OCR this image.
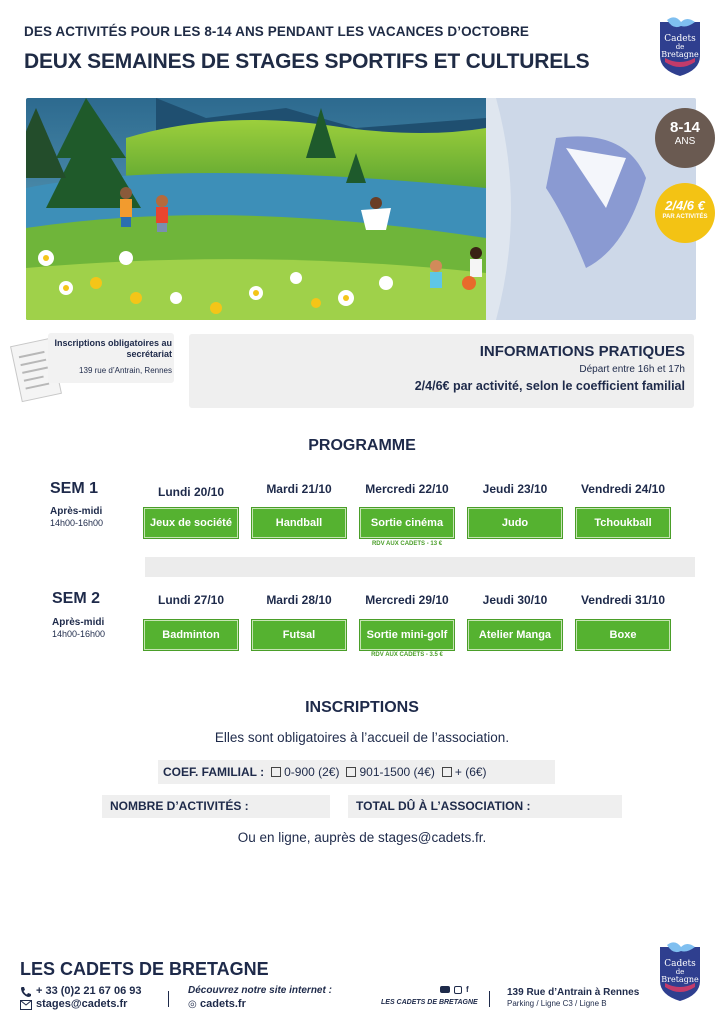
DES ACTIVITÉS POUR LES 8-14 ANS PENDANT LES VACANCES D’OCTOBRE
DEUX SEMAINES DE STAGES SPORTIFS ET CULTURELS
Cadets
de
Bretagne
8-14
ANS
2/4/6 €
PAR ACTIVITÉS
Inscriptions obligatoires au secrétariat
139 rue d’Antrain, Rennes
INFORMATIONS PRATIQUES
Départ entre 16h et 17h
2/4/6€ par activité, selon le coefficient familial
PROGRAMME
SEM 1
Après-midi
14h00-16h00
Lundi 20/10	Mardi 21/10	Mercredi 22/10	Jeudi 23/10	Vendredi 24/10
Jeux de société	Handball	Sortie cinéma	Judo	Tchoukball
RDV AUX CADETS - 13 €
SEM 2
Après-midi
14h00-16h00
Lundi 27/10	Mardi 28/10	Mercredi 29/10	Jeudi 30/10	Vendredi 31/10
Badminton	Futsal	Sortie mini-golf	Atelier Manga	Boxe
RDV AUX CADETS - 3.5 €
INSCRIPTIONS
Elles sont obligatoires à l’accueil de l’association.
COEF. FAMILIAL :	0-900 (2€)	901-1500 (4€)	+ (6€)
NOMBRE D’ACTIVITÉS :	TOTAL DÛ À L’ASSOCIATION :
Ou en ligne, auprès de stages@cadets.fr.
LES CADETS DE BRETAGNE
+ 33 (0)2 21 67 06 93
stages@cadets.fr
Découvrez notre site internet :
◎ cadets.fr
f
LES CADETS DE BRETAGNE
139 Rue d’Antrain à Rennes
Parking / Ligne C3 / Ligne B
Cadets
de
Bretagne
